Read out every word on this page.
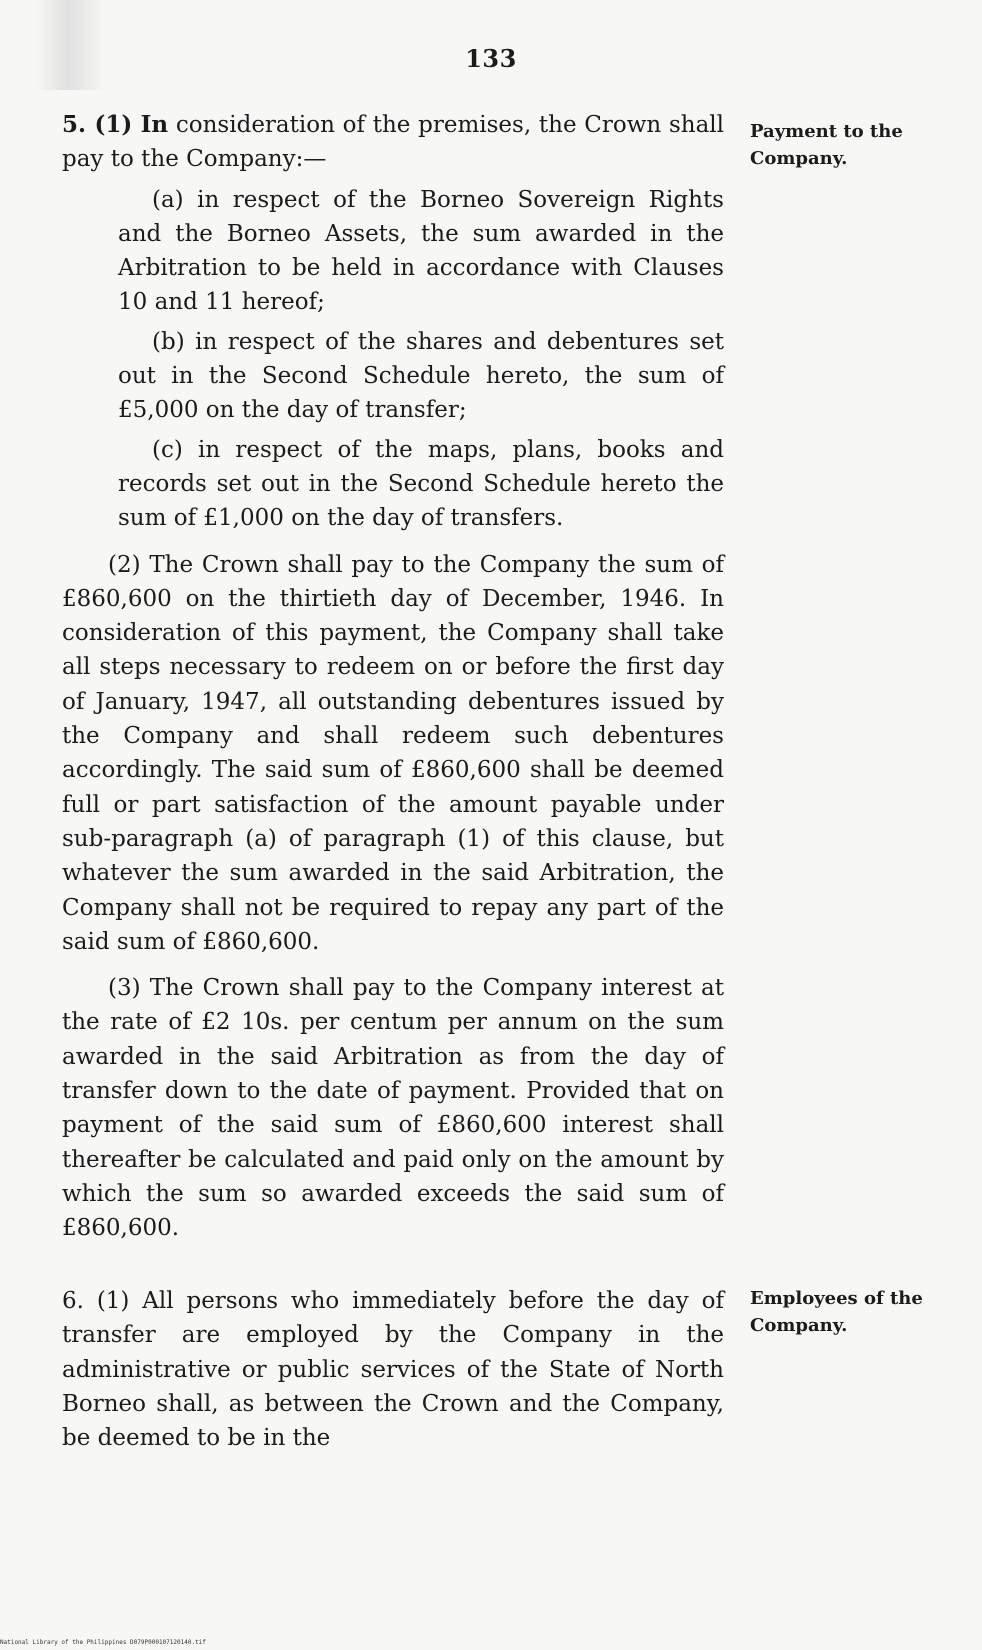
133
Payment to the Company.

5. (1) In consideration of the premises, the Crown shall pay to the Company:—

(a) in respect of the Borneo Sovereign Rights and the Borneo Assets, the sum awarded in the Arbitration to be held in accordance with Clauses 10 and 11 hereof;

(b) in respect of the shares and debentures set out in the Second Schedule hereto, the sum of £5,000 on the day of transfer;

(c) in respect of the maps, plans, books and records set out in the Second Schedule hereto the sum of £1,000 on the day of transfers.

(2) The Crown shall pay to the Company the sum of £860,600 on the thirtieth day of December, 1946. In consideration of this payment, the Company shall take all steps necessary to redeem on or before the first day of January, 1947, all outstanding debentures issued by the Company and shall redeem such debentures accordingly. The said sum of £860,600 shall be deemed full or part satisfaction of the amount payable under sub-paragraph (a) of paragraph (1) of this clause, but whatever the sum awarded in the said Arbitration, the Company shall not be required to repay any part of the said sum of £860,600.

(3) The Crown shall pay to the Company interest at the rate of £2 10s. per centum per annum on the sum awarded in the said Arbitration as from the day of transfer down to the date of payment. Provided that on payment of the said sum of £860,600 interest shall thereafter be calculated and paid only on the amount by which the sum so awarded exceeds the said sum of £860,600.

Employees of the Company.

6. (1) All persons who immediately before the day of transfer are employed by the Company in the administrative or public services of the State of North Borneo shall, as between the Crown and the Company, be deemed to be in the

National Library of the Philippines D079P000107120140.tif
